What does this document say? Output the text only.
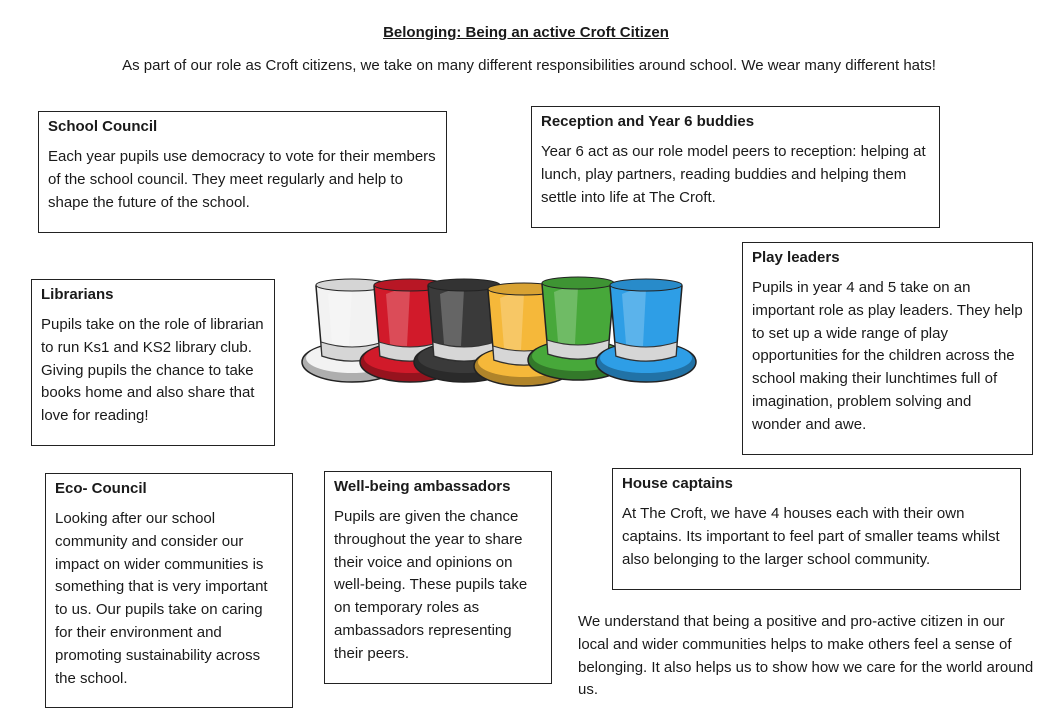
Belonging: Being an active Croft Citizen
As part of our role as Croft citizens, we take on many different responsibilities around school. We wear many different hats!
School Council

Each year pupils use democracy to vote for their members of the school council. They meet regularly and help to shape the future of the school.

Reception and Year 6 buddies

Year 6 act as our role model peers to reception: helping at lunch, play partners, reading buddies and helping them settle into life at The Croft.

Librarians

Pupils take on the role of librarian to run Ks1 and KS2 library club. Giving pupils the chance to take books home and also share that love for reading!

Play leaders

Pupils in year 4 and 5 take on an important role as play leaders. They help to set up a wide range of play opportunities for the children across the school making their lunchtimes full of imagination, problem solving and wonder and awe.

Eco- Council

Looking after our school community and consider our impact on wider communities is something that is very important to us. Our pupils take on caring for their environment and promoting sustainability across the school.

Well-being ambassadors

Pupils are given the chance throughout the year to share their voice and opinions on well-being. These pupils take on temporary roles as ambassadors representing their peers.

House captains

At The Croft, we have 4 houses each with their own captains. Its important to feel part of smaller teams whilst also belonging to the larger school community.

We understand that being a positive and pro-active citizen in our local and wider communities helps to make others feel a sense of belonging. It also helps us to show how we care for the world around us.
